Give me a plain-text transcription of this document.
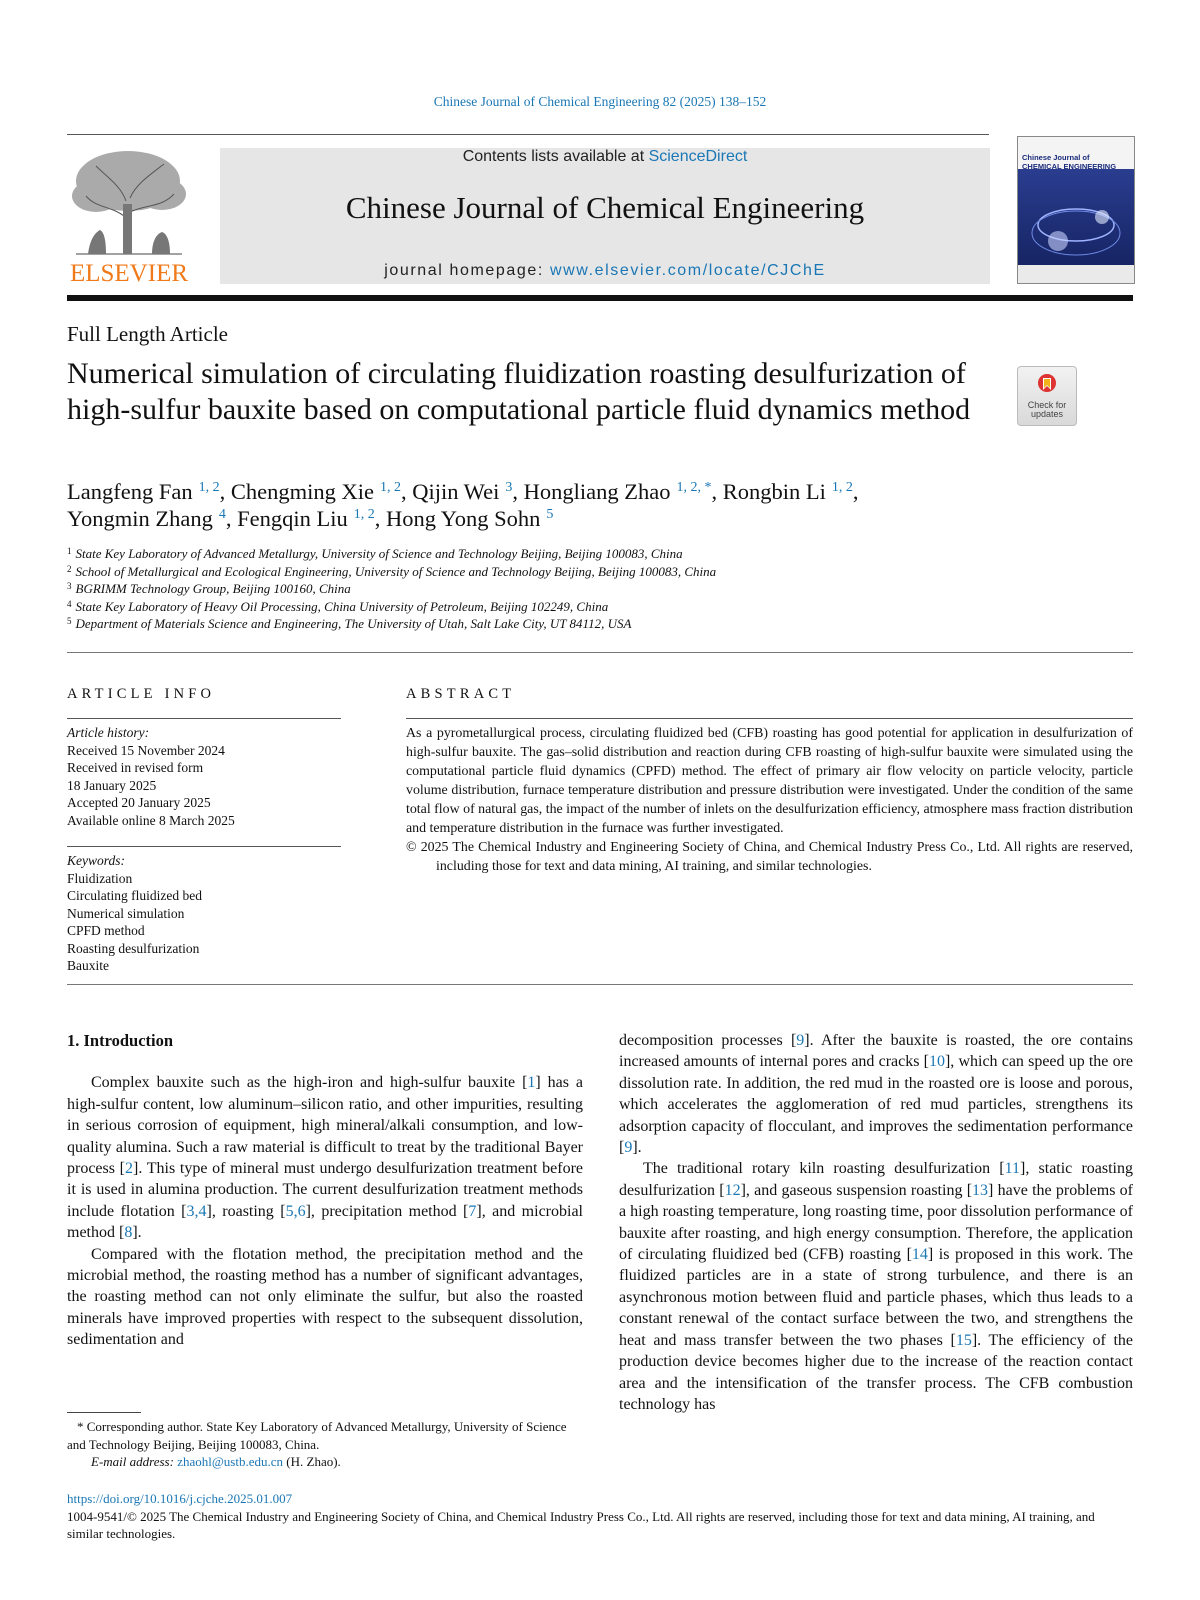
Chinese Journal of Chemical Engineering 82 (2025) 138–152
ELSEVIER
Contents lists available at ScienceDirect
Chinese Journal of Chemical Engineering
journal homepage: www.elsevier.com/locate/CJChE
Chinese Journal of CHEMICAL ENGINEERING
Full Length Article
Numerical simulation of circulating fluidization roasting desulfurization of high-sulfur bauxite based on computational particle fluid dynamics method	Check for updates
Langfeng Fan $^{1, 2}$, Chengming Xie $^{1, 2}$, Qijin Wei $^3$, Hongliang Zhao $^{1, 2, *}$, Rongbin Li $^{1, 2}$,
Yongmin Zhang $^4$, Fengqin Liu $^{1, 2}$, Hong Yong Sohn $^5$
$^1$ State Key Laboratory of Advanced Metallurgy, University of Science and Technology Beijing, Beijing 100083, China
$^2$ School of Metallurgical and Ecological Engineering, University of Science and Technology Beijing, Beijing 100083, China
$^3$ BGRIMM Technology Group, Beijing 100160, China
$^4$ State Key Laboratory of Heavy Oil Processing, China University of Petroleum, Beijing 102249, China
$^5$ Department of Materials Science and Engineering, The University of Utah, Salt Lake City, UT 84112, USA
ARTICLE INFO	ABSTRACT
Article history:
Received 15 November 2024
Received in revised form
18 January 2025
Accepted 20 January 2025
Available online 8 March 2025
Keywords:
Fluidization
Circulating fluidized bed
Numerical simulation
CPFD method
Roasting desulfurization
Bauxite

As a pyrometallurgical process, circulating fluidized bed (CFB) roasting has good potential for application in desulfurization of high-sulfur bauxite. The gas–solid distribution and reaction during CFB roasting of high-sulfur bauxite were simulated using the computational particle fluid dynamics (CPFD) method. The effect of primary air flow velocity on particle velocity, particle volume distribution, furnace temperature distribution and pressure distribution were investigated. Under the condition of the same total flow of natural gas, the impact of the number of inlets on the desulfurization efficiency, atmosphere mass fraction distribution and temperature distribution in the furnace was further investigated.

© 2025 The Chemical Industry and Engineering Society of China, and Chemical Industry Press Co., Ltd. All rights are reserved, including those for text and data mining, AI training, and similar technologies.

1. Introduction

Complex bauxite such as the high-iron and high-sulfur bauxite [1] has a high-sulfur content, low aluminum–silicon ratio, and other impurities, resulting in serious corrosion of equipment, high mineral/alkali consumption, and low-quality alumina. Such a raw material is difficult to treat by the traditional Bayer process [2]. This type of mineral must undergo desulfurization treatment before it is used in alumina production. The current desulfurization treatment methods include flotation [3,4], roasting [5,6], precipitation method [7], and microbial method [8].

Compared with the flotation method, the precipitation method and the microbial method, the roasting method has a number of significant advantages, the roasting method can not only eliminate the sulfur, but also the roasted minerals have improved properties with respect to the subsequent dissolution, sedimentation and

decomposition processes [9]. After the bauxite is roasted, the ore contains increased amounts of internal pores and cracks [10], which can speed up the ore dissolution rate. In addition, the red mud in the roasted ore is loose and porous, which accelerates the agglomeration of red mud particles, strengthens its adsorption capacity of flocculant, and improves the sedimentation performance [9].

The traditional rotary kiln roasting desulfurization [11], static roasting desulfurization [12], and gaseous suspension roasting [13] have the problems of a high roasting temperature, long roasting time, poor dissolution performance of bauxite after roasting, and high energy consumption. Therefore, the application of circulating fluidized bed (CFB) roasting [14] is proposed in this work. The fluidized particles are in a state of strong turbulence, and there is an asynchronous motion between fluid and particle phases, which thus leads to a constant renewal of the contact surface between the two, and strengthens the heat and mass transfer between the two phases [15]. The efficiency of the production device becomes higher due to the increase of the reaction contact area and the intensification of the transfer process. The CFB combustion technology has

* Corresponding author. State Key Laboratory of Advanced Metallurgy, University of Science and Technology Beijing, Beijing 100083, China.
E-mail address: zhaohl@ustb.edu.cn (H. Zhao).
https://doi.org/10.1016/j.cjche.2025.01.007
1004-9541/© 2025 The Chemical Industry and Engineering Society of China, and Chemical Industry Press Co., Ltd. All rights are reserved, including those for text and data mining, AI training, and similar technologies.
